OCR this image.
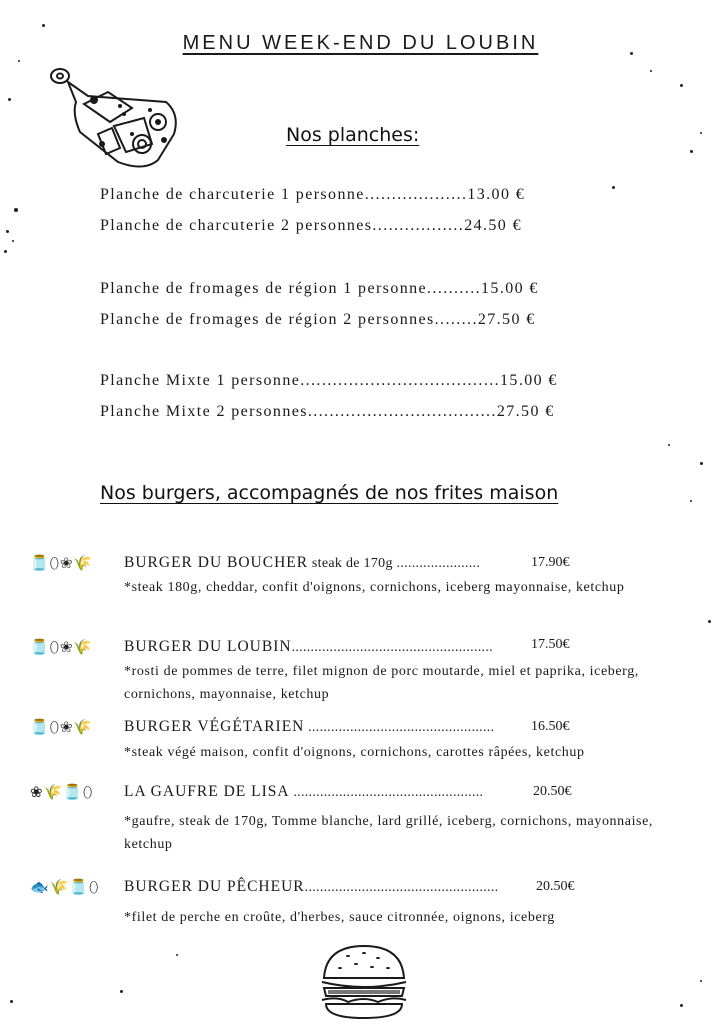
MENU WEEK-END DU LOUBIN
Nos planches:
Planche de charcuterie 1 personne...................13.00 €
Planche de charcuterie 2 personnes.................24.50 €
Planche de fromages de région 1 personne..........15.00 €
Planche de fromages de région 2 personnes........27.50 €
Planche Mixte 1 personne.....................................15.00 €
Planche Mixte 2 personnes...................................27.50 €
Nos burgers, accompagnés de nos frites maison
🫙⬯❀🌾 BURGER DU BOUCHER steak de 170g ......................	17.90€
*steak 180g, cheddar, confit d'oignons, cornichons, iceberg mayonnaise, ketchup
🫙⬯❀🌾 BURGER DU LOUBIN.....................................................	17.50€
*rosti de pommes de terre, filet mignon de porc moutarde, miel et paprika, iceberg, cornichons, mayonnaise, ketchup
🫙⬯❀🌾 BURGER VÉGÉTARIEN .................................................	16.50€
*steak végé maison, confit d'oignons, cornichons, carottes râpées, ketchup
❀🌾🫙⬯ LA GAUFRE DE LISA ..................................................	20.50€
*gaufre, steak de 170g, Tomme blanche, lard grillé, iceberg, cornichons, mayonnaise, ketchup
🐟🌾🫙⬯ BURGER DU PÊCHEUR...................................................	20.50€
*filet de perche en croûte, d'herbes, sauce citronnée, oignons, iceberg
